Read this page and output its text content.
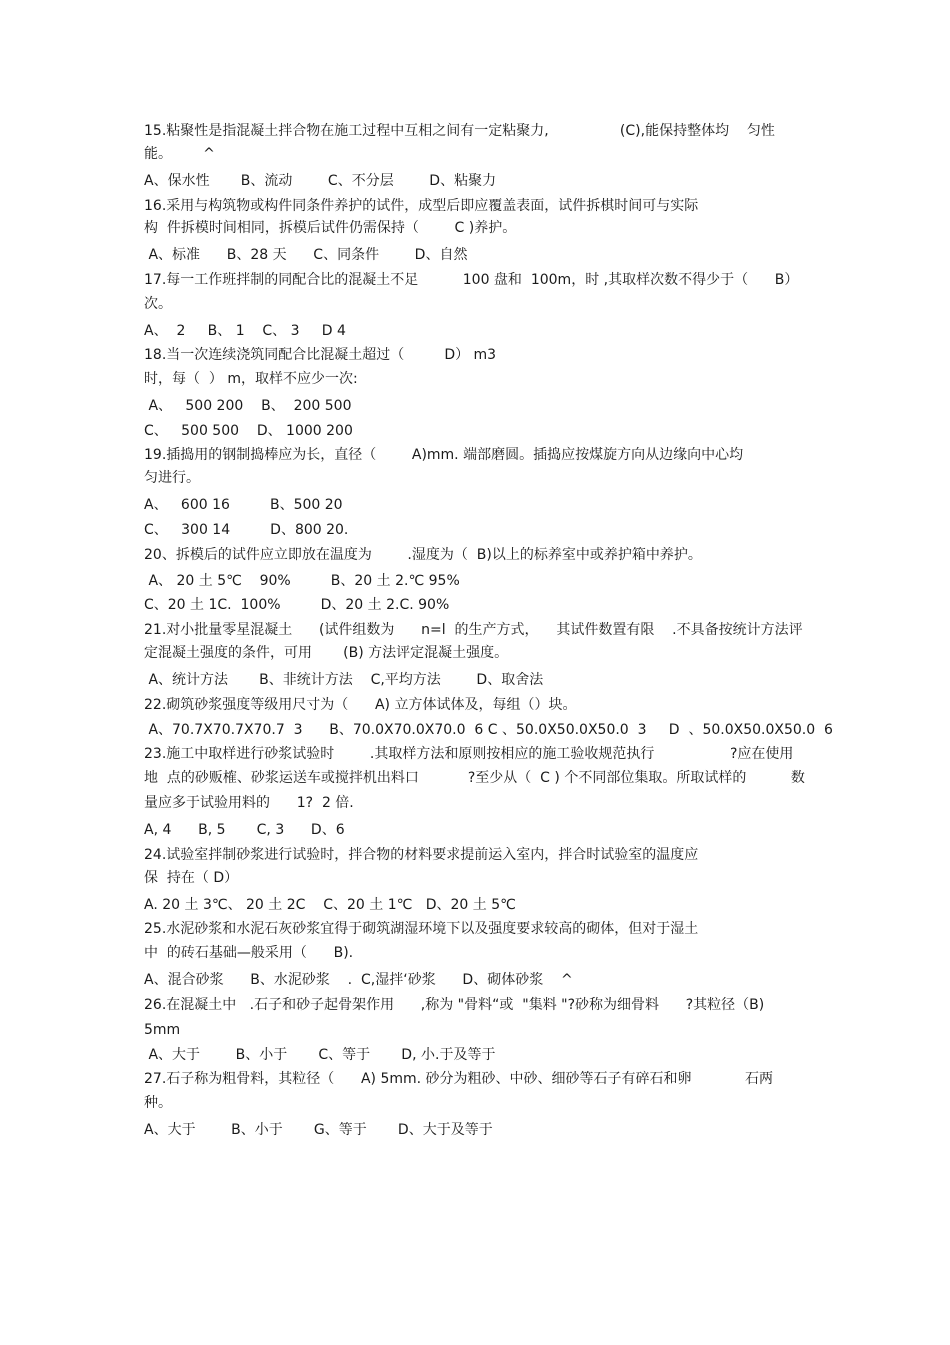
15.粘聚性是指混凝土拌合物在施工过程中互相之间有一定粘聚力,                (C),能保持整体均    匀性
能。       ^
A、保水性       B、流动        C、不分层        D、粘聚力
16.采用与构筑物或构件同条件养护的试件，成型后即应覆盖表面，试件拆棋时间可与实际
构  件拆模时间相同，拆模后试件仍需保持（        C )养护。
A、标准      B、28 天      C、同条件        D、自然
17.每一工作班拌制的同配合比的混凝土不足          100 盘和  100m，时 ,其取样次数不得少于（      B）
次。
A、  2     B、 1    C、 3     D 4
18.当一次连续浇筑同配合比混凝土超过（         D） m3
时，每（  ） m，取样不应少一次:
A、   500 200    B、  200 500
C、   500 500    D、 1000 200
19.插捣用的钢制捣棒应为长，直径（        A)mm. 端部磨圆。插捣应按煤旋方向从边缘向中心均
匀进行。
A、   600 16         B、500 20
C、   300 14         D、800 20.
20、拆模后的试件应立即放在温度为        .湿度为（  B)以上的标养室中或养护箱中养护。
A、 20 土 5℃    90%         B、20 土 2.℃ 95%
C、20 土 1C.  100%         D、20 土 2.C. 90%
21.对小批量零星混凝土      (试件组数为      n=l  的生产方式，    其试件数置有限    .不具备按统计方法评
定混凝土强度的条件，可用       (B) 方法评定混凝土强度。
A、统计方法       B、非统计方法    C,平均方法        D、取舍法
22.砌筑砂浆强度等级用尺寸为（      A) 立方体试体及，每组（）块。
A、70.7X70.7X70.7  3      B、70.0X70.0X70.0  6 C 、50.0X50.0X50.0  3     D  、50.0X50.0X50.0  6
23.施工中取样进行砂浆试验时        .其取样方法和原则按相应的施工验收规范执行                 ?应在使用
地  点的砂贩榷、砂浆运送车或搅拌机出料口           ?至少从（  C ) 个不同部位集取。所取试样的          数
量应多于试验用料的      1?  2 倍.
A, 4      B, 5       C, 3      D、6
24.试验室拌制砂浆进行试验时，拌合物的材料要求提前运入室内，拌合时试验室的温度应
保  持在（ D）
A. 20 土 3℃、 20 土 2C    C、20 土 1℃   D、20 土 5℃
25.水泥砂浆和水泥石灰砂浆宜得于砌筑湖湿环境下以及强度要求较高的砌体，但对于湿土
中  的砖石基础—般采用（      B).
A、混合砂浆      B、水泥砂浆    .  C,湿拌‘砂浆      D、砌体砂浆    ^
26.在混凝土中   .石子和砂子起骨架作用      ,称为 "骨料“或  "集料 "?砂称为细骨料      ?其粒径（B)
5mm
A、大于        B、小于       C、等于       D, 小.于及等于
27.石子称为粗骨料，其粒径（      A) 5mm. 砂分为粗砂、中砂、细砂等石子有碎石和卵            石两
种。
A、大于        B、小于       G、等于       D、大于及等于
